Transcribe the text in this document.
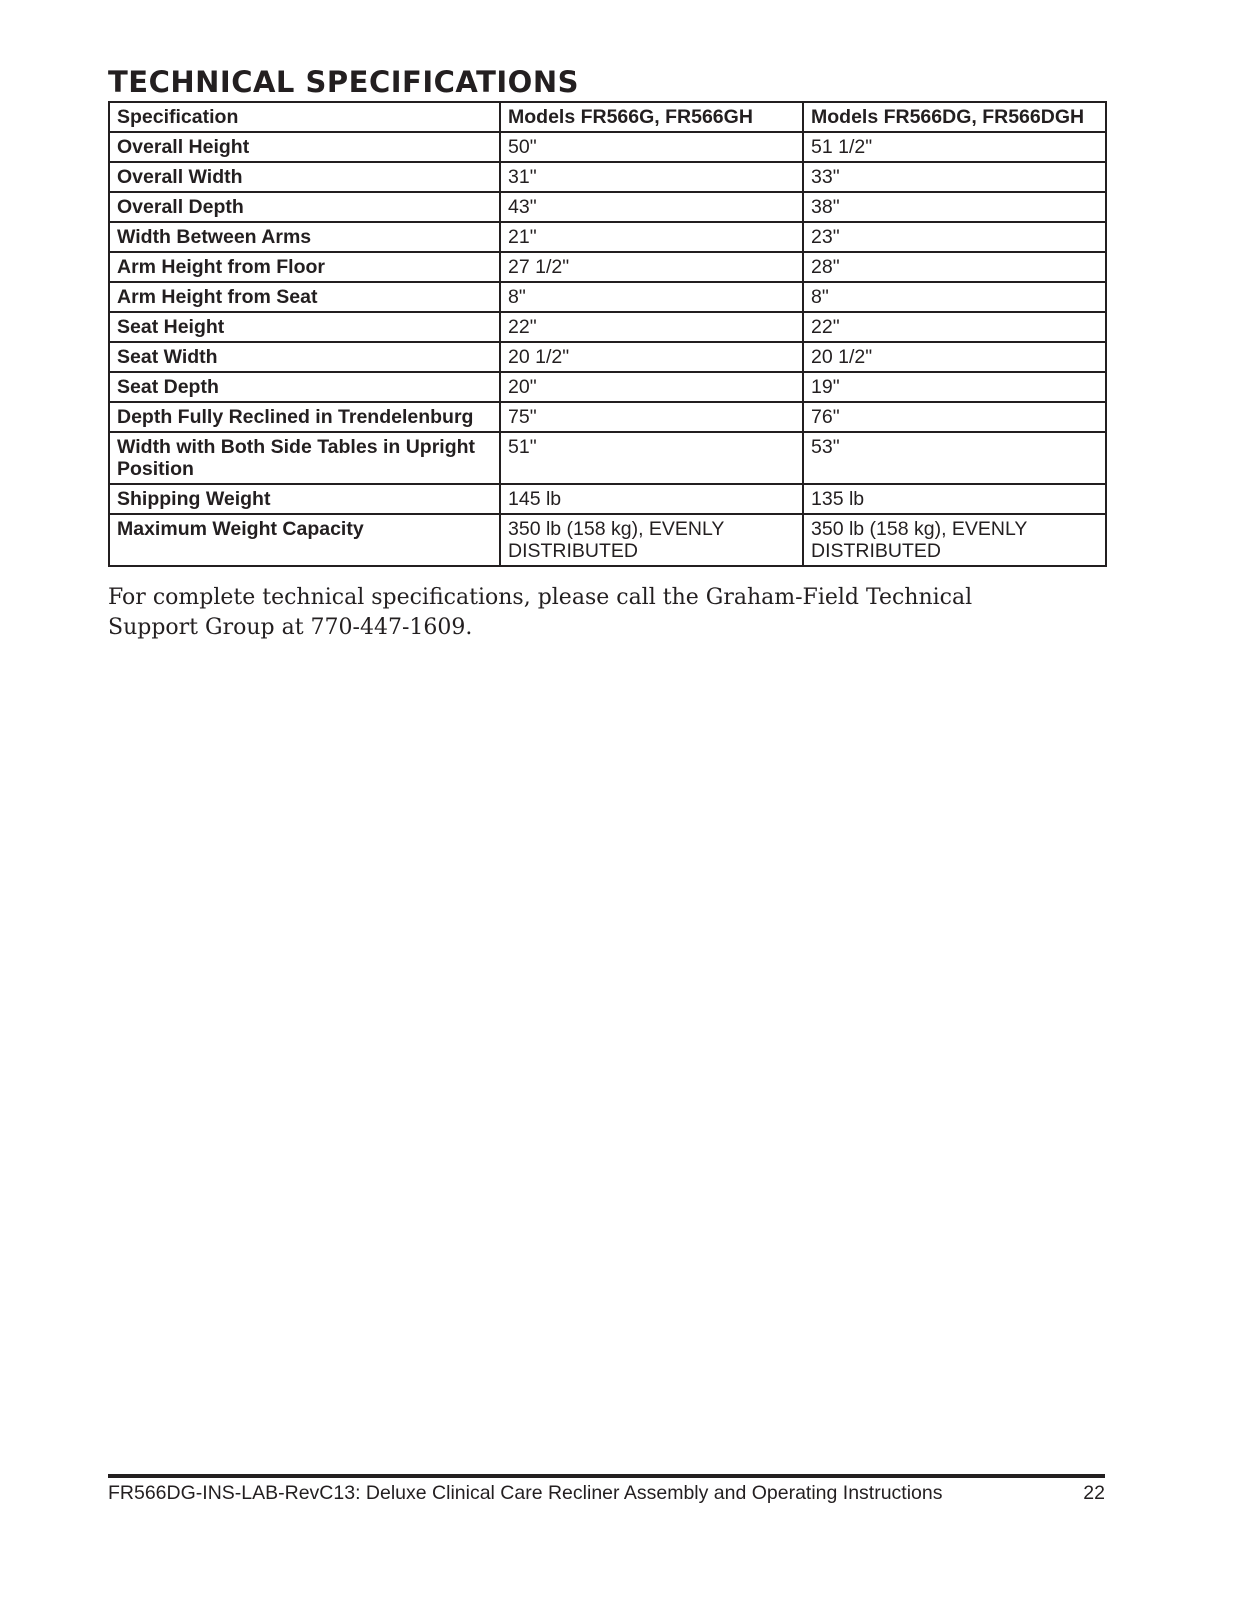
TECHNICAL SPECIFICATIONS
Specification	Models FR566G, FR566GH	Models FR566DG, FR566DGH
Overall Height	50"	51 1/2"
Overall Width	31"	33"
Overall Depth	43"	38"
Width Between Arms	21"	23"
Arm Height from Floor	27 1/2"	28"
Arm Height from Seat	8"	8"
Seat Height	22"	22"
Seat Width	20 1/2"	20 1/2"
Seat Depth	20"	19"
Depth Fully Reclined in Trendelenburg	75"	76"
Width with Both Side Tables in Upright Position	51"	53"
Shipping Weight	145 lb	135 lb
Maximum Weight Capacity	350 lb (158 kg), EVENLY DISTRIBUTED	350 lb (158 kg), EVENLY DISTRIBUTED

For complete technical specifications, please call the Graham-Field Technical Support Group at 770-447-1609.

FR566DG-INS-LAB-RevC13: Deluxe Clinical Care Recliner Assembly and Operating Instructions	22
